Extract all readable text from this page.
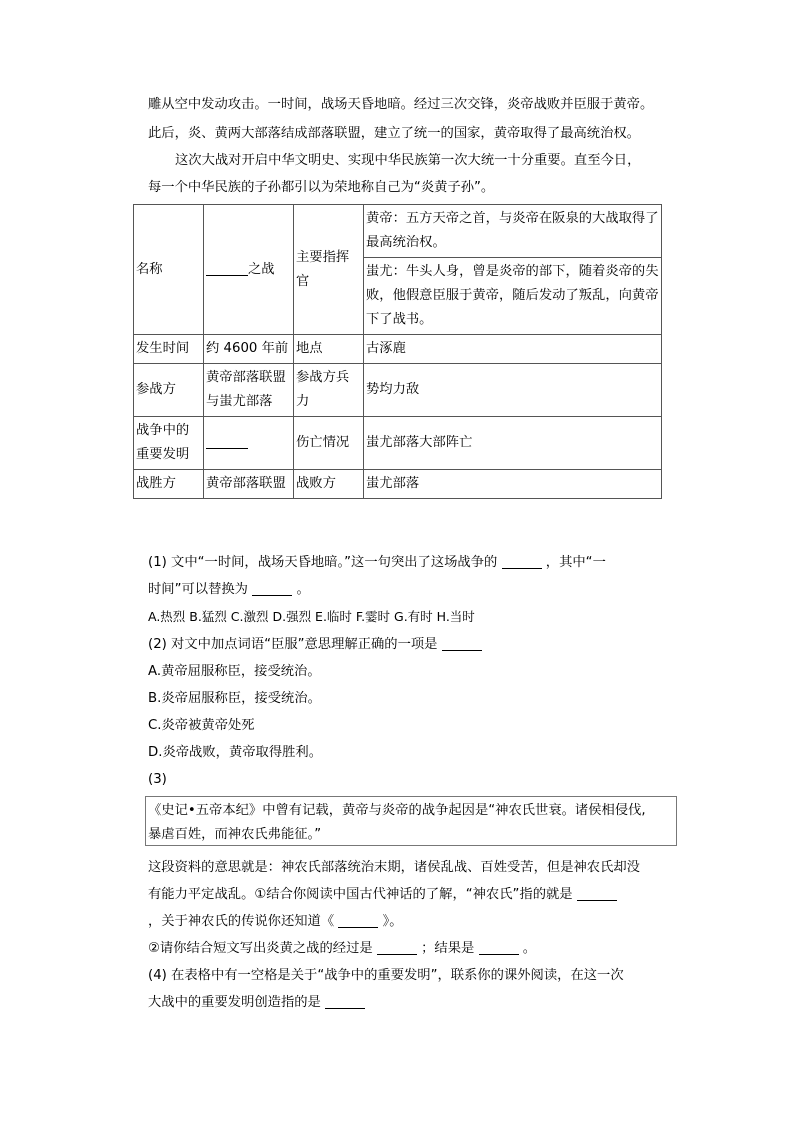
雕从空中发动攻击。一时间，战场天昏地暗。经过三次交锋，炎帝战败并臣服于黄帝。
此后，炎、黄两大部落结成部落联盟，建立了统一的国家，黄帝取得了最高统治权。
这次大战对开启中华文明史、实现中华民族第一次大统一十分重要。直至今日，
每一个中华民族的子孙都引以为荣地称自己为“炎黄子孙”。
名称	之战	主要指挥官	黄帝：五方天帝之首，与炎帝在阪泉的大战取得了最高统治权。
			蚩尤：牛头人身，曾是炎帝的部下，随着炎帝的失败，他假意臣服于黄帝，随后发动了叛乱，向黄帝下了战书。
发生时间	约 4600 年前	地点	古涿鹿
参战方	黄帝部落联盟与蚩尤部落	参战方兵力	势均力敌
战争中的重要发明		伤亡情况	蚩尤部落大部阵亡
战胜方	黄帝部落联盟	战败方	蚩尤部落
(1) 文中“一时间，战场天昏地暗。”这一句突出了这场战争的	，其中“一
时间”可以替换为	。
A.热烈 B.猛烈 C.激烈 D.强烈 E.临时 F.霎时 G.有时 H.当时
(2) 对文中加点词语“臣服”意思理解正确的一项是
A.黄帝屈服称臣，接受统治。
B.炎帝屈服称臣，接受统治。
C.炎帝被黄帝处死
D.炎帝战败，黄帝取得胜利。
(3)
《史记•五帝本纪》中曾有记载，黄帝与炎帝的战争起因是“神农氏世衰。诸侯相侵伐,
暴虐百姓，而神农氏弗能征。”
这段资料的意思就是：神农氏部落统治末期，诸侯乱战、百姓受苦，但是神农氏却没
有能力平定战乱。①结合你阅读中国古代神话的了解，“神农氏”指的就是
，关于神农氏的传说你还知道《	》。
②请你结合短文写出炎黄之战的经过是	；结果是	。
(4) 在表格中有一空格是关于“战争中的重要发明”，联系你的课外阅读，在这一次
大战中的重要发明创造指的是
